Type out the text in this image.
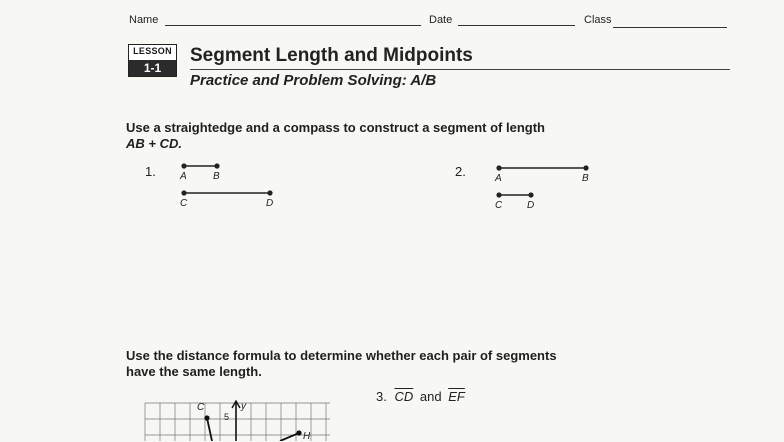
Name	Date	Class
LESSON
1-1
Segment Length and Midpoints
Practice and Problem Solving: A/B
Use a straightedge and a compass to construct a segment of length
AB + CD.
1.	2.
A	B
C	D
A	B
C D
Use the distance formula to determine whether each pair of segments
have the same length.
3. $\overline{CD}$ and $\overline{EF}$
y
5
C
H
